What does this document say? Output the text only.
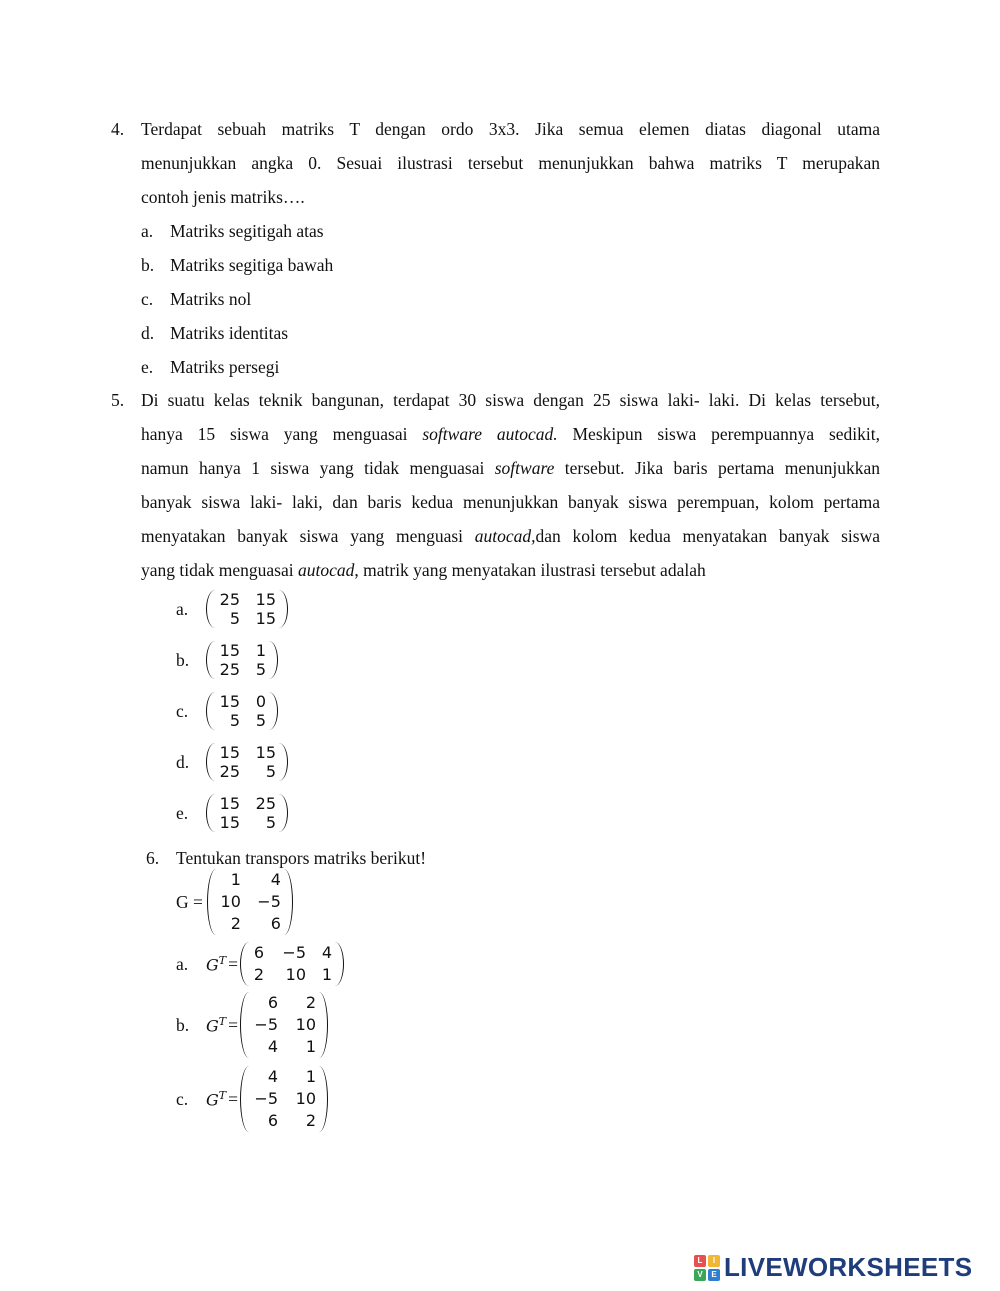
4. Terdapat sebuah matriks T dengan ordo 3x3. Jika semua elemen diatas diagonal utama
menunjukkan angka 0. Sesuai ilustrasi tersebut menunjukkan bahwa matriks T merupakan
contoh jenis matriks….
a. Matriks segitigah atas
b. Matriks segitiga bawah
c. Matriks nol
d. Matriks identitas
e. Matriks persegi
5. Di suatu kelas teknik bangunan, terdapat 30 siswa dengan 25 siswa laki- laki. Di kelas tersebut,
hanya 15 siswa yang menguasai software autocad. Meskipun siswa perempuannya sedikit,
namun hanya 1 siswa yang tidak menguasai software tersebut. Jika baris pertama menunjukkan
banyak siswa laki- laki, dan baris kedua menunjukkan banyak siswa perempuan, kolom pertama
menyatakan banyak siswa yang menguasi autocad,dan kolom kedua menyatakan banyak siswa
yang tidak menguasai autocad, matrik yang menyatakan ilustrasi tersebut adalah
a.	25 15
5 15
b.	15 1
25 5
c.	15 0
5 5
d.	15 15
25	5
e.	15 25
15	5
6. Tentukan transpors matriks berikut!
G =
1	4
10 −5
2	6
a.	$G^T$ =
6 −5 4
2	10 1
b.	$G^T$ =
6	2
−5 10
4	1
c.	$G^T$ =
4	1
−5 10
6	2
L	I
V	E LIVEWORKSHEETS
